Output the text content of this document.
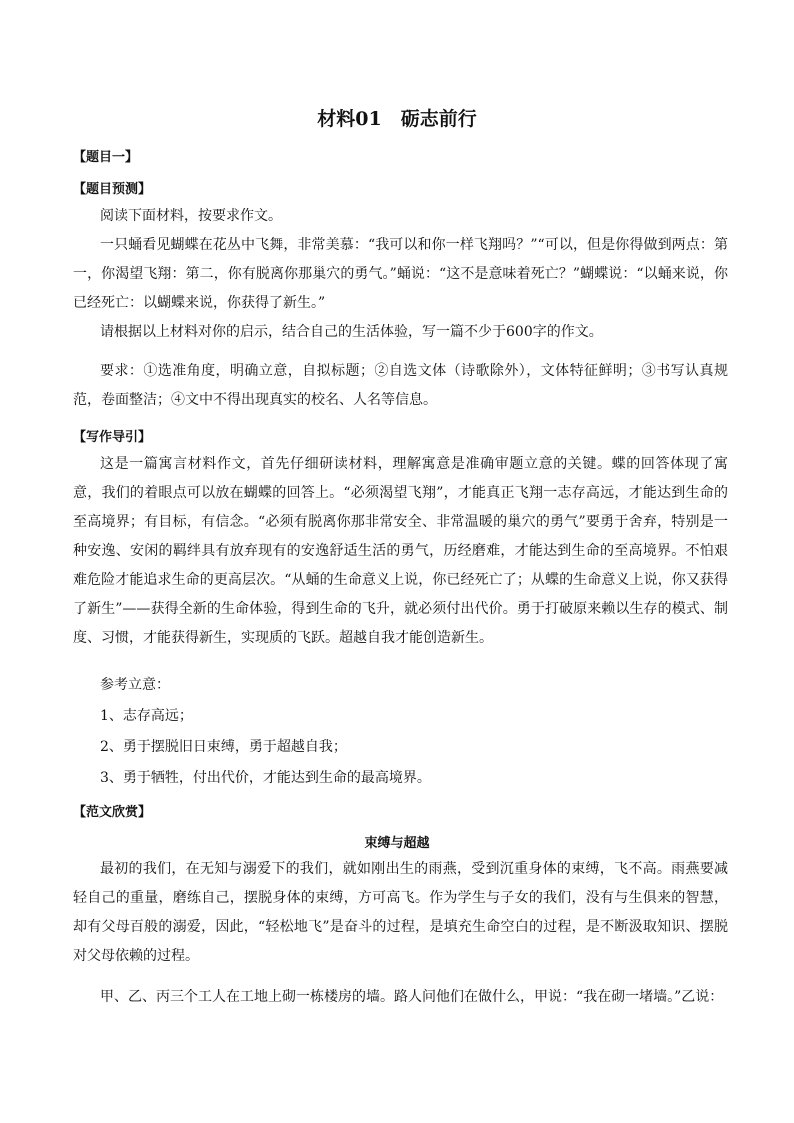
材料01　砺志前行
【题目一】
【题目预测】

阅读下面材料，按要求作文。

一只蛹看见蝴蝶在花丛中飞舞，非常美慕：“我可以和你一样飞翔吗？”“可以，但是你得做到两点：第一，你渴望飞翔：第二，你有脱离你那巢穴的勇气。”蛹说：“这不是意味着死亡？”蝴蝶说：“以蛹来说，你已经死亡：以蝴蝶来说，你获得了新生。”

请根据以上材料对你的启示，结合自己的生活体验，写一篇不少于600字的作文。

要求：①选准角度，明确立意，自拟标题；②自选文体（诗歌除外），文体特征鲜明；③书写认真规范，卷面整洁；④文中不得出现真实的校名、人名等信息。

【写作导引】

这是一篇寓言材料作文，首先仔细研读材料，理解寓意是准确审题立意的关键。蝶的回答体现了寓意，我们的着眼点可以放在蝴蝶的回答上。“必须渴望飞翔”，才能真正飞翔一志存高远，才能达到生命的至高境界；有目标，有信念。“必须有脱离你那非常安全、非常温暖的巢穴的勇气”要勇于舍弃，特别是一种安逸、安闲的羁绊具有放弃现有的安逸舒适生活的勇气，历经磨难，才能达到生命的至高境界。不怕艰难危险才能追求生命的更高层次。“从蛹的生命意义上说，你已经死亡了；从蝶的生命意义上说，你又获得了新生”——获得全新的生命体验，得到生命的飞升，就必须付出代价。勇于打破原来赖以生存的模式、制度、习惯，才能获得新生，实现质的飞跃。超越自我才能创造新生。

参考立意：

1、志存高远；

2、勇于摆脱旧日束缚，勇于超越自我；

3、勇于牺牲，付出代价，才能达到生命的最高境界。

【范文欣赏】
束缚与超越

最初的我们，在无知与溺爱下的我们，就如刚出生的雨燕，受到沉重身体的束缚，飞不高。雨燕要减轻自己的重量，磨练自己，摆脱身体的束缚，方可高飞。作为学生与子女的我们，没有与生俱来的智慧，却有父母百般的溺爱，因此，“轻松地飞”是奋斗的过程，是填充生命空白的过程，是不断汲取知识、摆脱对父母依赖的过程。

甲、乙、丙三个工人在工地上砌一栋楼房的墙。路人问他们在做什么，甲说：“我在砌一堵墙。”乙说：
